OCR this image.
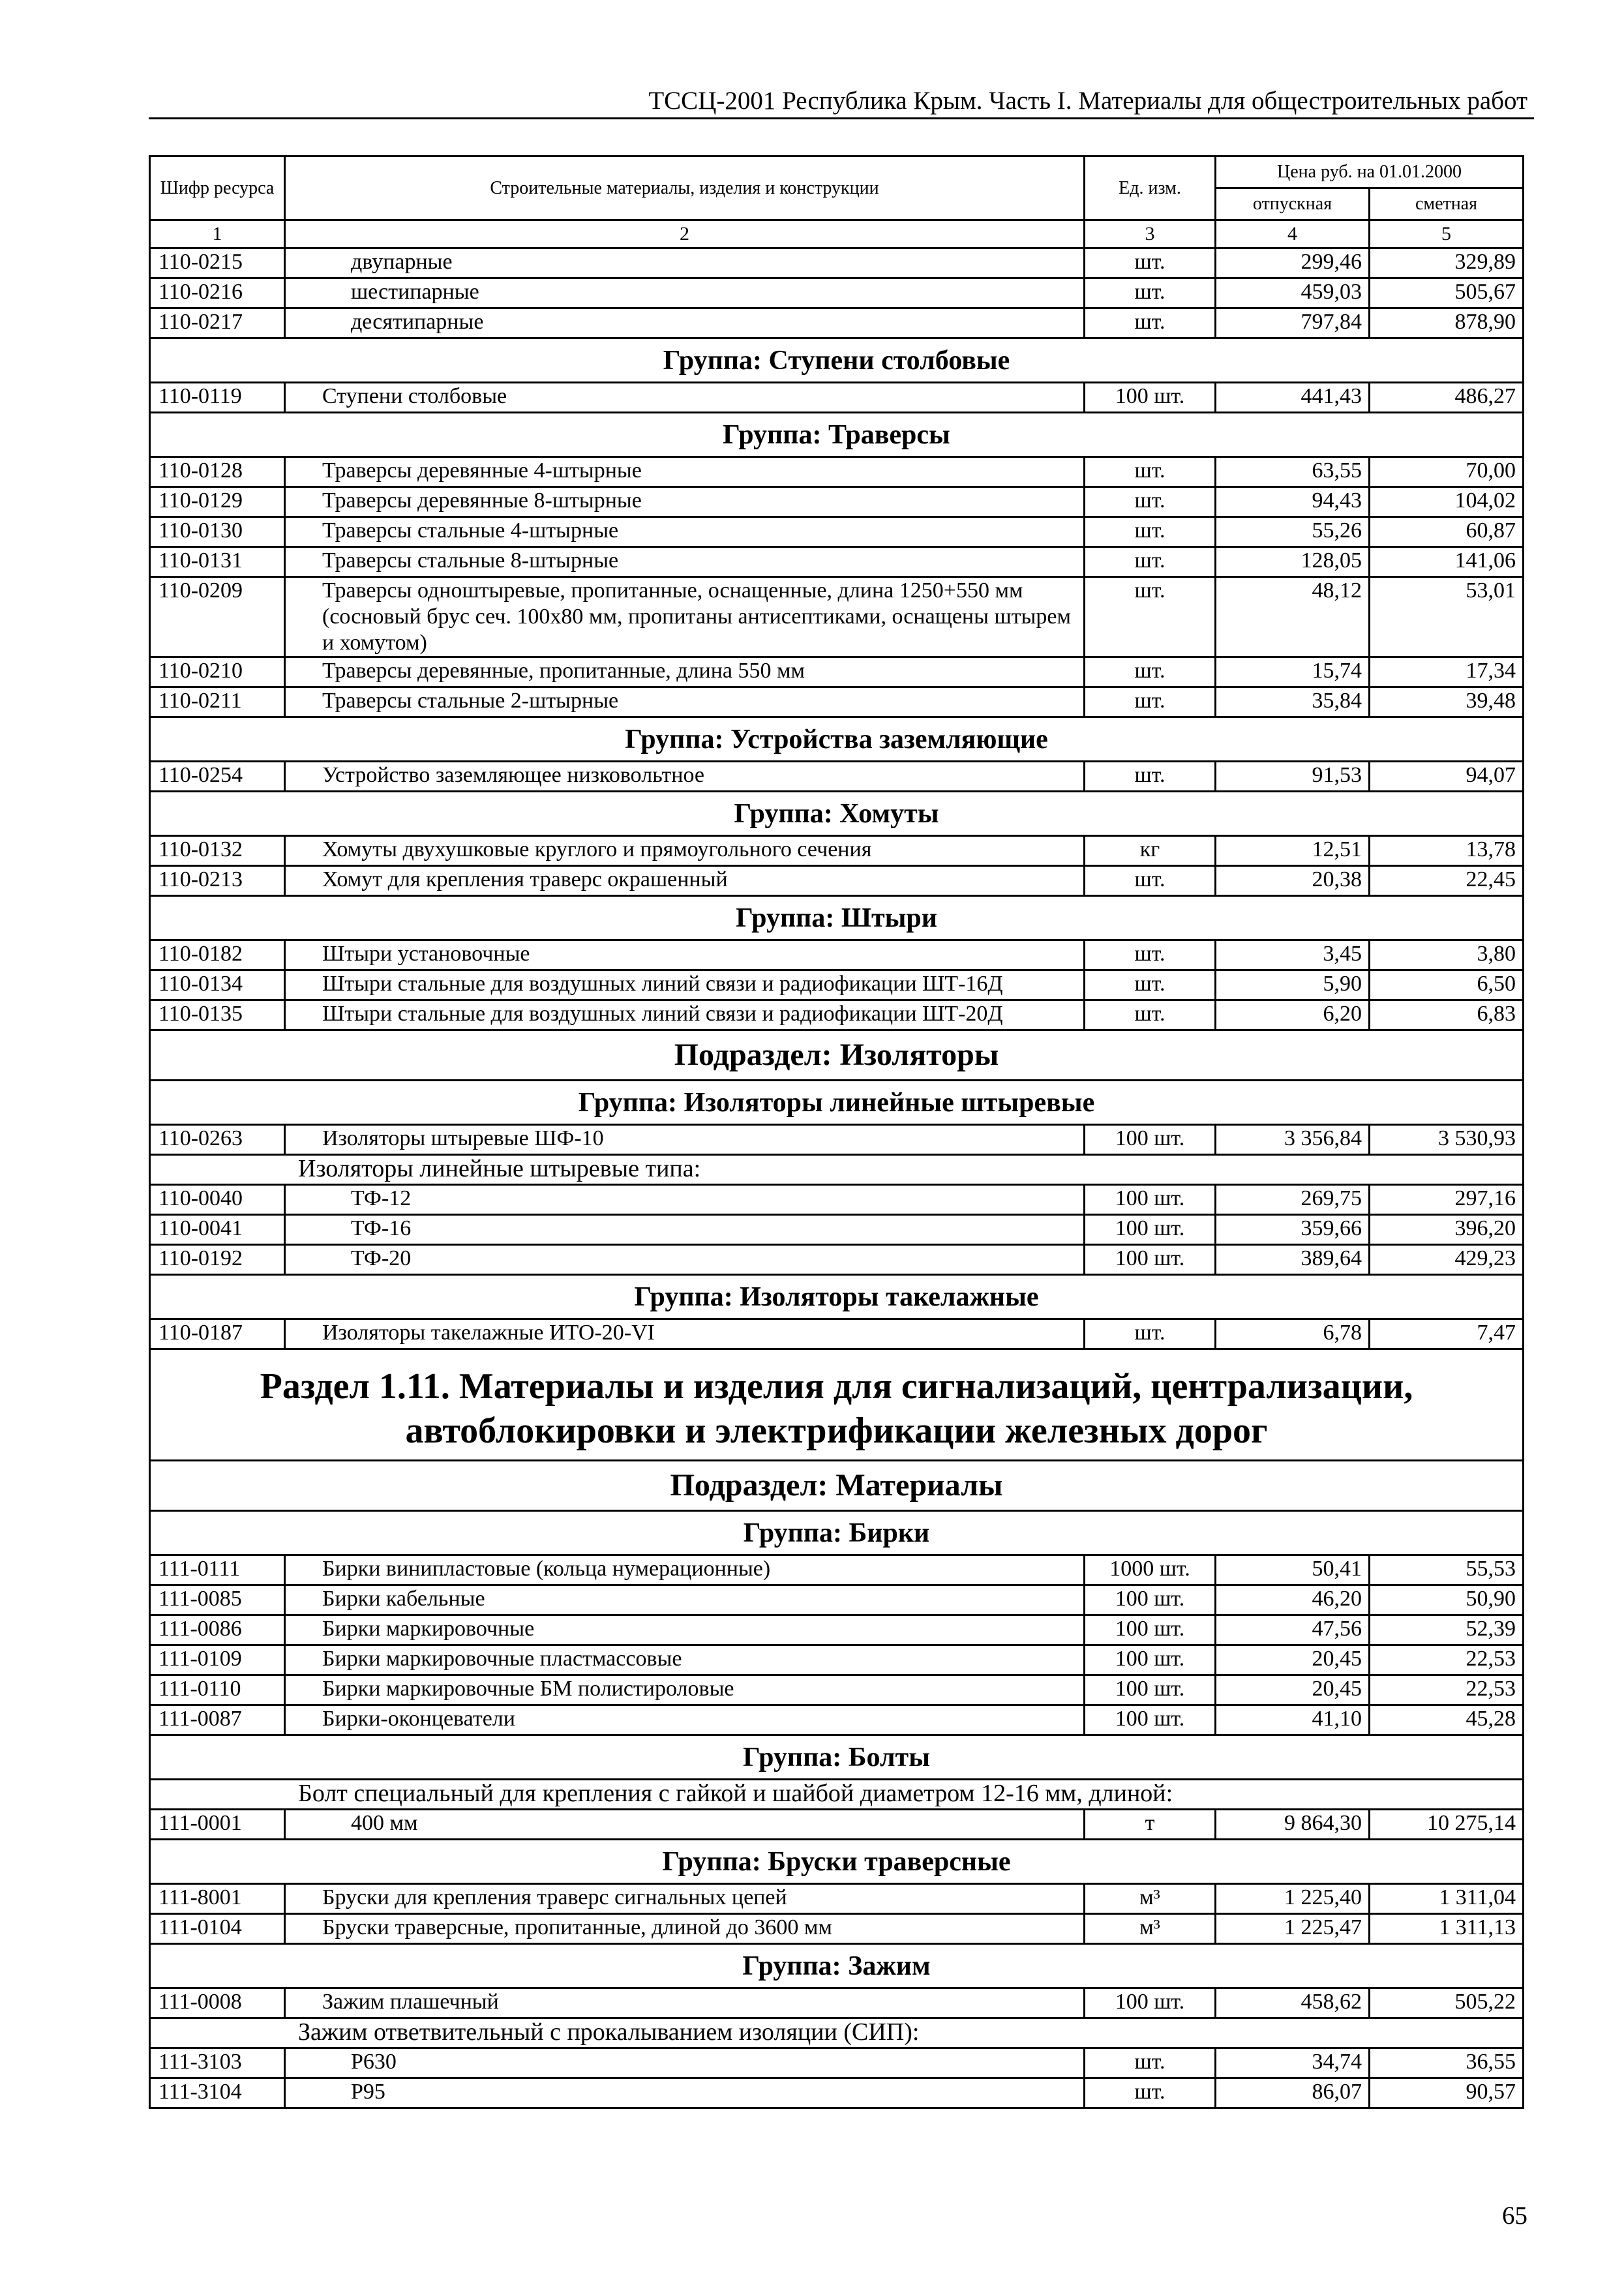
ТССЦ-2001 Республика Крым. Часть I. Материалы для общестроительных работ
Шифр ресурса	Строительные материалы, изделия и конструкции	Ед. изм.	Цена руб. на 01.01.2000	
			отпускная	сметная
1	2	3	4	5
110-0215	двупарные	шт.	299,46	329,89
110-0216	шестипарные	шт.	459,03	505,67
110-0217	десятипарные	шт.	797,84	878,90
Группа: Ступени столбовые				
110-0119	Ступени столбовые	100 шт.	441,43	486,27
Группа: Траверсы				
110-0128	Траверсы деревянные 4-штырные	шт.	63,55	70,00
110-0129	Траверсы деревянные 8-штырные	шт.	94,43	104,02
110-0130	Траверсы стальные 4-штырные	шт.	55,26	60,87
110-0131	Траверсы стальные 8-штырные	шт.	128,05	141,06
110-0209	Траверсы одноштыревые, пропитанные, оснащенные, длина 1250+550 мм (сосновый брус сеч. 100х80 мм, пропитаны антисептиками, оснащены штырем и хомутом)	шт.	48,12	53,01
110-0210	Траверсы деревянные, пропитанные, длина 550 мм	шт.	15,74	17,34
110-0211	Траверсы стальные 2-штырные	шт.	35,84	39,48
Группа: Устройства заземляющие				
110-0254	Устройство заземляющее низковольтное	шт.	91,53	94,07
Группа: Хомуты				
110-0132	Хомуты двухушковые круглого и прямоугольного сечения	кг	12,51	13,78
110-0213	Хомут для крепления траверс окрашенный	шт.	20,38	22,45
Группа: Штыри				
110-0182	Штыри установочные	шт.	3,45	3,80
110-0134	Штыри стальные для воздушных линий связи и радиофикации ШТ-16Д	шт.	5,90	6,50
110-0135	Штыри стальные для воздушных линий связи и радиофикации ШТ-20Д	шт.	6,20	6,83
Подраздел: Изоляторы				
Группа: Изоляторы линейные штыревые				
110-0263	Изоляторы штыревые ШФ-10	100 шт.	3 356,84	3 530,93
Изоляторы линейные штыревые типа:				
110-0040	ТФ-12	100 шт.	269,75	297,16
110-0041	ТФ-16	100 шт.	359,66	396,20
110-0192	ТФ-20	100 шт.	389,64	429,23
Группа: Изоляторы такелажные				
110-0187	Изоляторы такелажные ИТО-20-VI	шт.	6,78	7,47
Раздел 1.11. Материалы и изделия для сигнализаций, централизации, автоблокировки и электрификации железных дорог				
Подраздел: Материалы				
Группа: Бирки				
111-0111	Бирки винипластовые (кольца нумерационные)	1000 шт.	50,41	55,53
111-0085	Бирки кабельные	100 шт.	46,20	50,90
111-0086	Бирки маркировочные	100 шт.	47,56	52,39
111-0109	Бирки маркировочные пластмассовые	100 шт.	20,45	22,53
111-0110	Бирки маркировочные БМ полистироловые	100 шт.	20,45	22,53
111-0087	Бирки-оконцеватели	100 шт.	41,10	45,28
Группа: Болты				
Болт специальный для крепления с гайкой и шайбой диаметром 12-16 мм, длиной:				
111-0001	400 мм	т	9 864,30	10 275,14
Группа: Бруски траверсные				
111-8001	Бруски для крепления траверс сигнальных цепей	м³	1 225,40	1 311,04
111-0104	Бруски траверсные, пропитанные, длиной до 3600 мм	м³	1 225,47	1 311,13
Группа: Зажим				
111-0008	Зажим плашечный	100 шт.	458,62	505,22
Зажим ответвительный с прокалыванием изоляции (СИП):				
111-3103	Р630	шт.	34,74	36,55
111-3104	Р95	шт.	86,07	90,57
65
